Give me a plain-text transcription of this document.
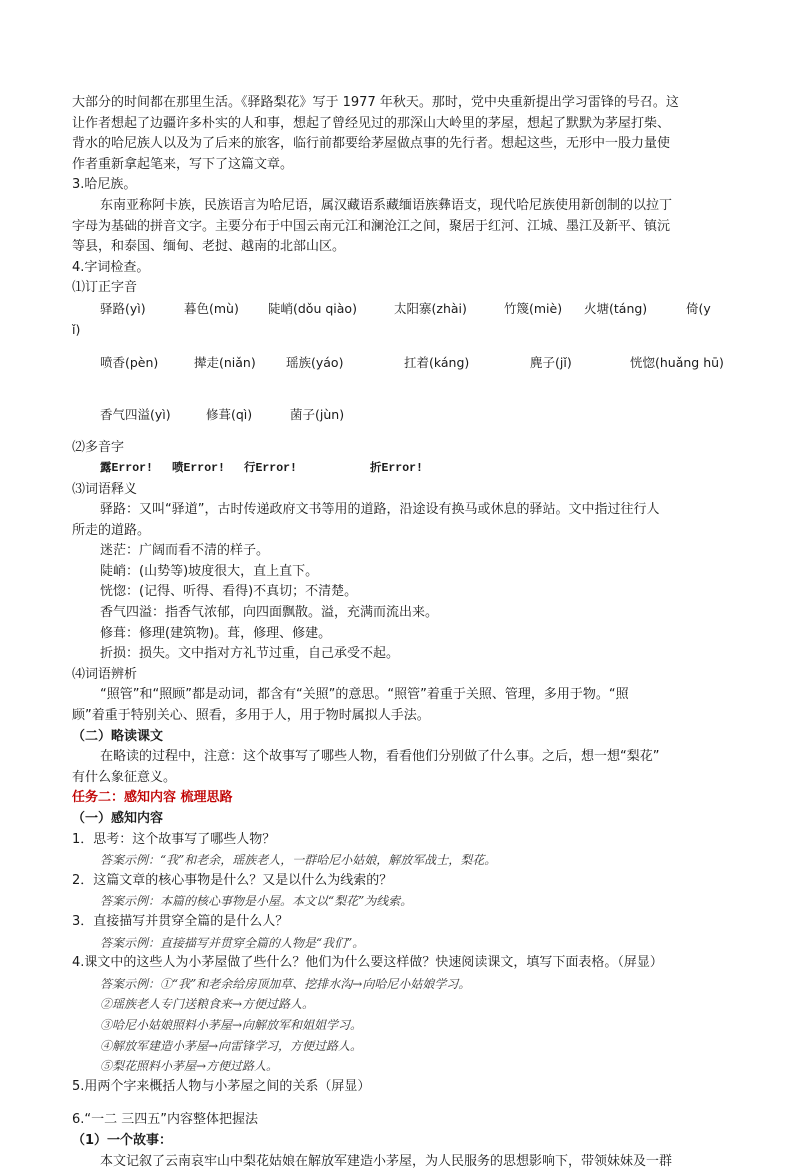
大部分的时间都在那里生活。《驿路梨花》写于 1977 年秋天。那时，党中央重新提出学习雷锋的号召。这

让作者想起了边疆许多朴实的人和事，想起了曾经见过的那深山大岭里的茅屋，想起了默默为茅屋打柴、

背水的哈尼族人以及为了后来的旅客，临行前都要给茅屋做点事的先行者。想起这些，无形中一股力量使

作者重新拿起笔来，写下了这篇文章。

3.哈尼族。

东南亚称阿卡族，民族语言为哈尼语，属汉藏语系藏缅语族彝语支，现代哈尼族使用新创制的以拉丁

字母为基础的拼音文字。主要分布于中国云南元江和澜沧江之间，聚居于红河、江城、墨江及新平、镇沅

等县，和泰国、缅甸、老挝、越南的北部山区。

4.字词检查。

⑴订正字音

驿路(yì)	暮色(mù)	陡峭(dǒu qiào)	太阳寨(zhài)	竹篾(miè)	火塘(táng)	倚(y

ǐ)

喷香(pèn)	撵走(niǎn)	瑶族(yáo)	扛着(káng)	麂子(jǐ)	恍惚(huǎng hū)
香气四溢(yì)	修葺(qì)	菌子(jùn)

⑵多音字

露Error!	喷Error!	行Error!	折Error!

⑶词语释义

驿路：又叫“驿道”，古时传递政府文书等用的道路，沿途设有换马或休息的驿站。文中指过往行人

所走的道路。

迷茫：广阔而看不清的样子。

陡峭：(山势等)坡度很大，直上直下。

恍惚：(记得、听得、看得)不真切；不清楚。

香气四溢：指香气浓郁，向四面飘散。溢，充满而流出来。

修葺：修理(建筑物)。葺，修理、修建。

折损：损失。文中指对方礼节过重，自己承受不起。

⑷词语辨析

“照管”和“照顾”都是动词，都含有“关照”的意思。“照管”着重于关照、管理，多用于物。“照

顾”着重于特别关心、照看，多用于人，用于物时属拟人手法。

（二）略读课文

在略读的过程中，注意：这个故事写了哪些人物，看看他们分别做了什么事。之后，想一想“梨花”

有什么象征意义。

任务二：感知内容 梳理思路

（一）感知内容

1．思考：这个故事写了哪些人物？

答案示例：“我”和老余，瑶族老人，一群哈尼小姑娘，解放军战士，梨花。

2．这篇文章的核心事物是什么？又是以什么为线索的？

答案示例：本篇的核心事物是小屋。本文以“梨花”为线索。

3．直接描写并贯穿全篇的是什么人？

答案示例：直接描写并贯穿全篇的人物是“我们”。

4.课文中的这些人为小茅屋做了些什么？他们为什么要这样做？快速阅读课文，填写下面表格。（屏显）

答案示例：①“我”和老余给房顶加草、挖排水沟→向哈尼小姑娘学习。

②瑶族老人专门送粮食来→方便过路人。

③哈尼小姑娘照料小茅屋→向解放军和姐姐学习。

④解放军建造小茅屋→向雷锋学习，方便过路人。

⑤梨花照料小茅屋→方便过路人。

5.用两个字来概括人物与小茅屋之间的关系（屏显）

6.“一二 三四五”内容整体把握法

（1）一个故事：

本文记叙了云南哀牢山中梨花姑娘在解放军建造小茅屋，为人民服务的思想影响下，带领妹妹及一群
